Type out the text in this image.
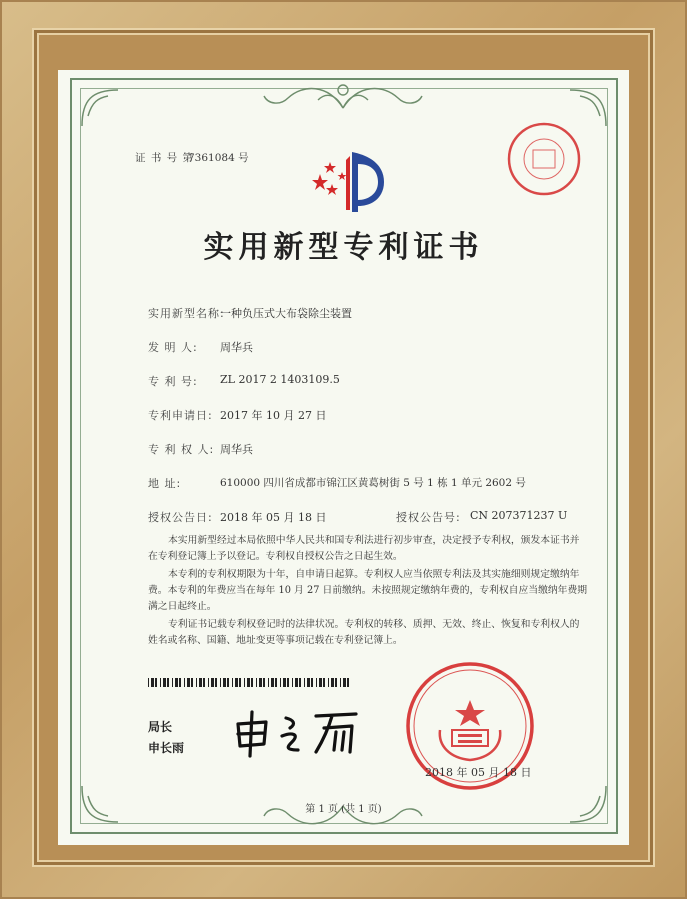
证 书 号 第
7361084 号
实用新型专利证书
实用新型名称:
一种负压式大布袋除尘装置
发 明 人: 周华兵
专 利 号: ZL 2017 2 1403109.5
专利申请日: 2017 年 10 月 27 日
专 利 权 人: 周华兵
地 址:	610000 四川省成都市锦江区黄葛树街 5 号 1 栋 1 单元 2602 号
授权公告日: 2018 年 05 月 18 日	授权公告号: CN 207371237 U
本实用新型经过本局依照中华人民共和国专利法进行初步审查，决定授予专利权，颁发本证书并在专利登记簿上予以登记。专利权自授权公告之日起生效。
本专利的专利权期限为十年，自申请日起算。专利权人应当依照专利法及其实施细则规定缴纳年费。本专利的年费应当在每年 10 月 27 日前缴纳。未按照规定缴纳年费的，专利权自应当缴纳年费期满之日起终止。
专利证书记载专利权登记时的法律状况。专利权的转移、质押、无效、终止、恢复和专利权人的姓名或名称、国籍、地址变更等事项记载在专利登记簿上。
局长
申长雨
2018 年 05 月 18 日
第 1 页 (共 1 页)
